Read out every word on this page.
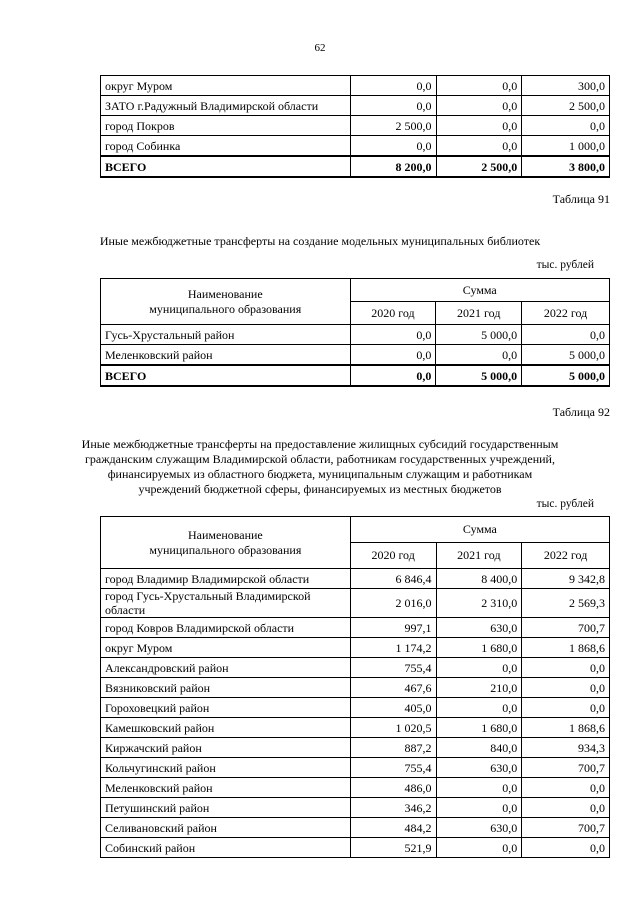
62
округ Муром	0,0	0,0	300,0
ЗАТО г.Радужный Владимирской области	0,0	0,0	2 500,0
город Покров	2 500,0	0,0	0,0
город Собинка	0,0	0,0	1 000,0
ВСЕГО	8 200,0	2 500,0	3 800,0
Таблица 91
Иные межбюджетные трансферты на создание модельных муниципальных библиотек
тыс. рублей
Наименование
муниципального образования	Сумма		
	2020 год	2021 год	2022 год
Гусь-Хрустальный район	0,0	5 000,0	0,0
Меленковский район	0,0	0,0	5 000,0
ВСЕГО	0,0	5 000,0	5 000,0
Таблица 92
Иные межбюджетные трансферты на предоставление жилищных субсидий государственным
гражданским служащим Владимирской области, работникам государственных учреждений,
финансируемых из областного бюджета, муниципальным служащим и работникам
учреждений бюджетной сферы, финансируемых из местных бюджетов
тыс. рублей
Наименование
муниципального образования	Сумма		
	2020 год	2021 год	2022 год
город Владимир Владимирской области	6 846,4	8 400,0	9 342,8
город Гусь-Хрустальный Владимирской области	2 016,0	2 310,0	2 569,3
город Ковров Владимирской области	997,1	630,0	700,7
округ Муром	1 174,2	1 680,0	1 868,6
Александровский район	755,4	0,0	0,0
Вязниковский район	467,6	210,0	0,0
Гороховецкий район	405,0	0,0	0,0
Камешковский район	1 020,5	1 680,0	1 868,6
Киржачский район	887,2	840,0	934,3
Кольчугинский район	755,4	630,0	700,7
Меленковский район	486,0	0,0	0,0
Петушинский район	346,2	0,0	0,0
Селивановский район	484,2	630,0	700,7
Собинский район	521,9	0,0	0,0
